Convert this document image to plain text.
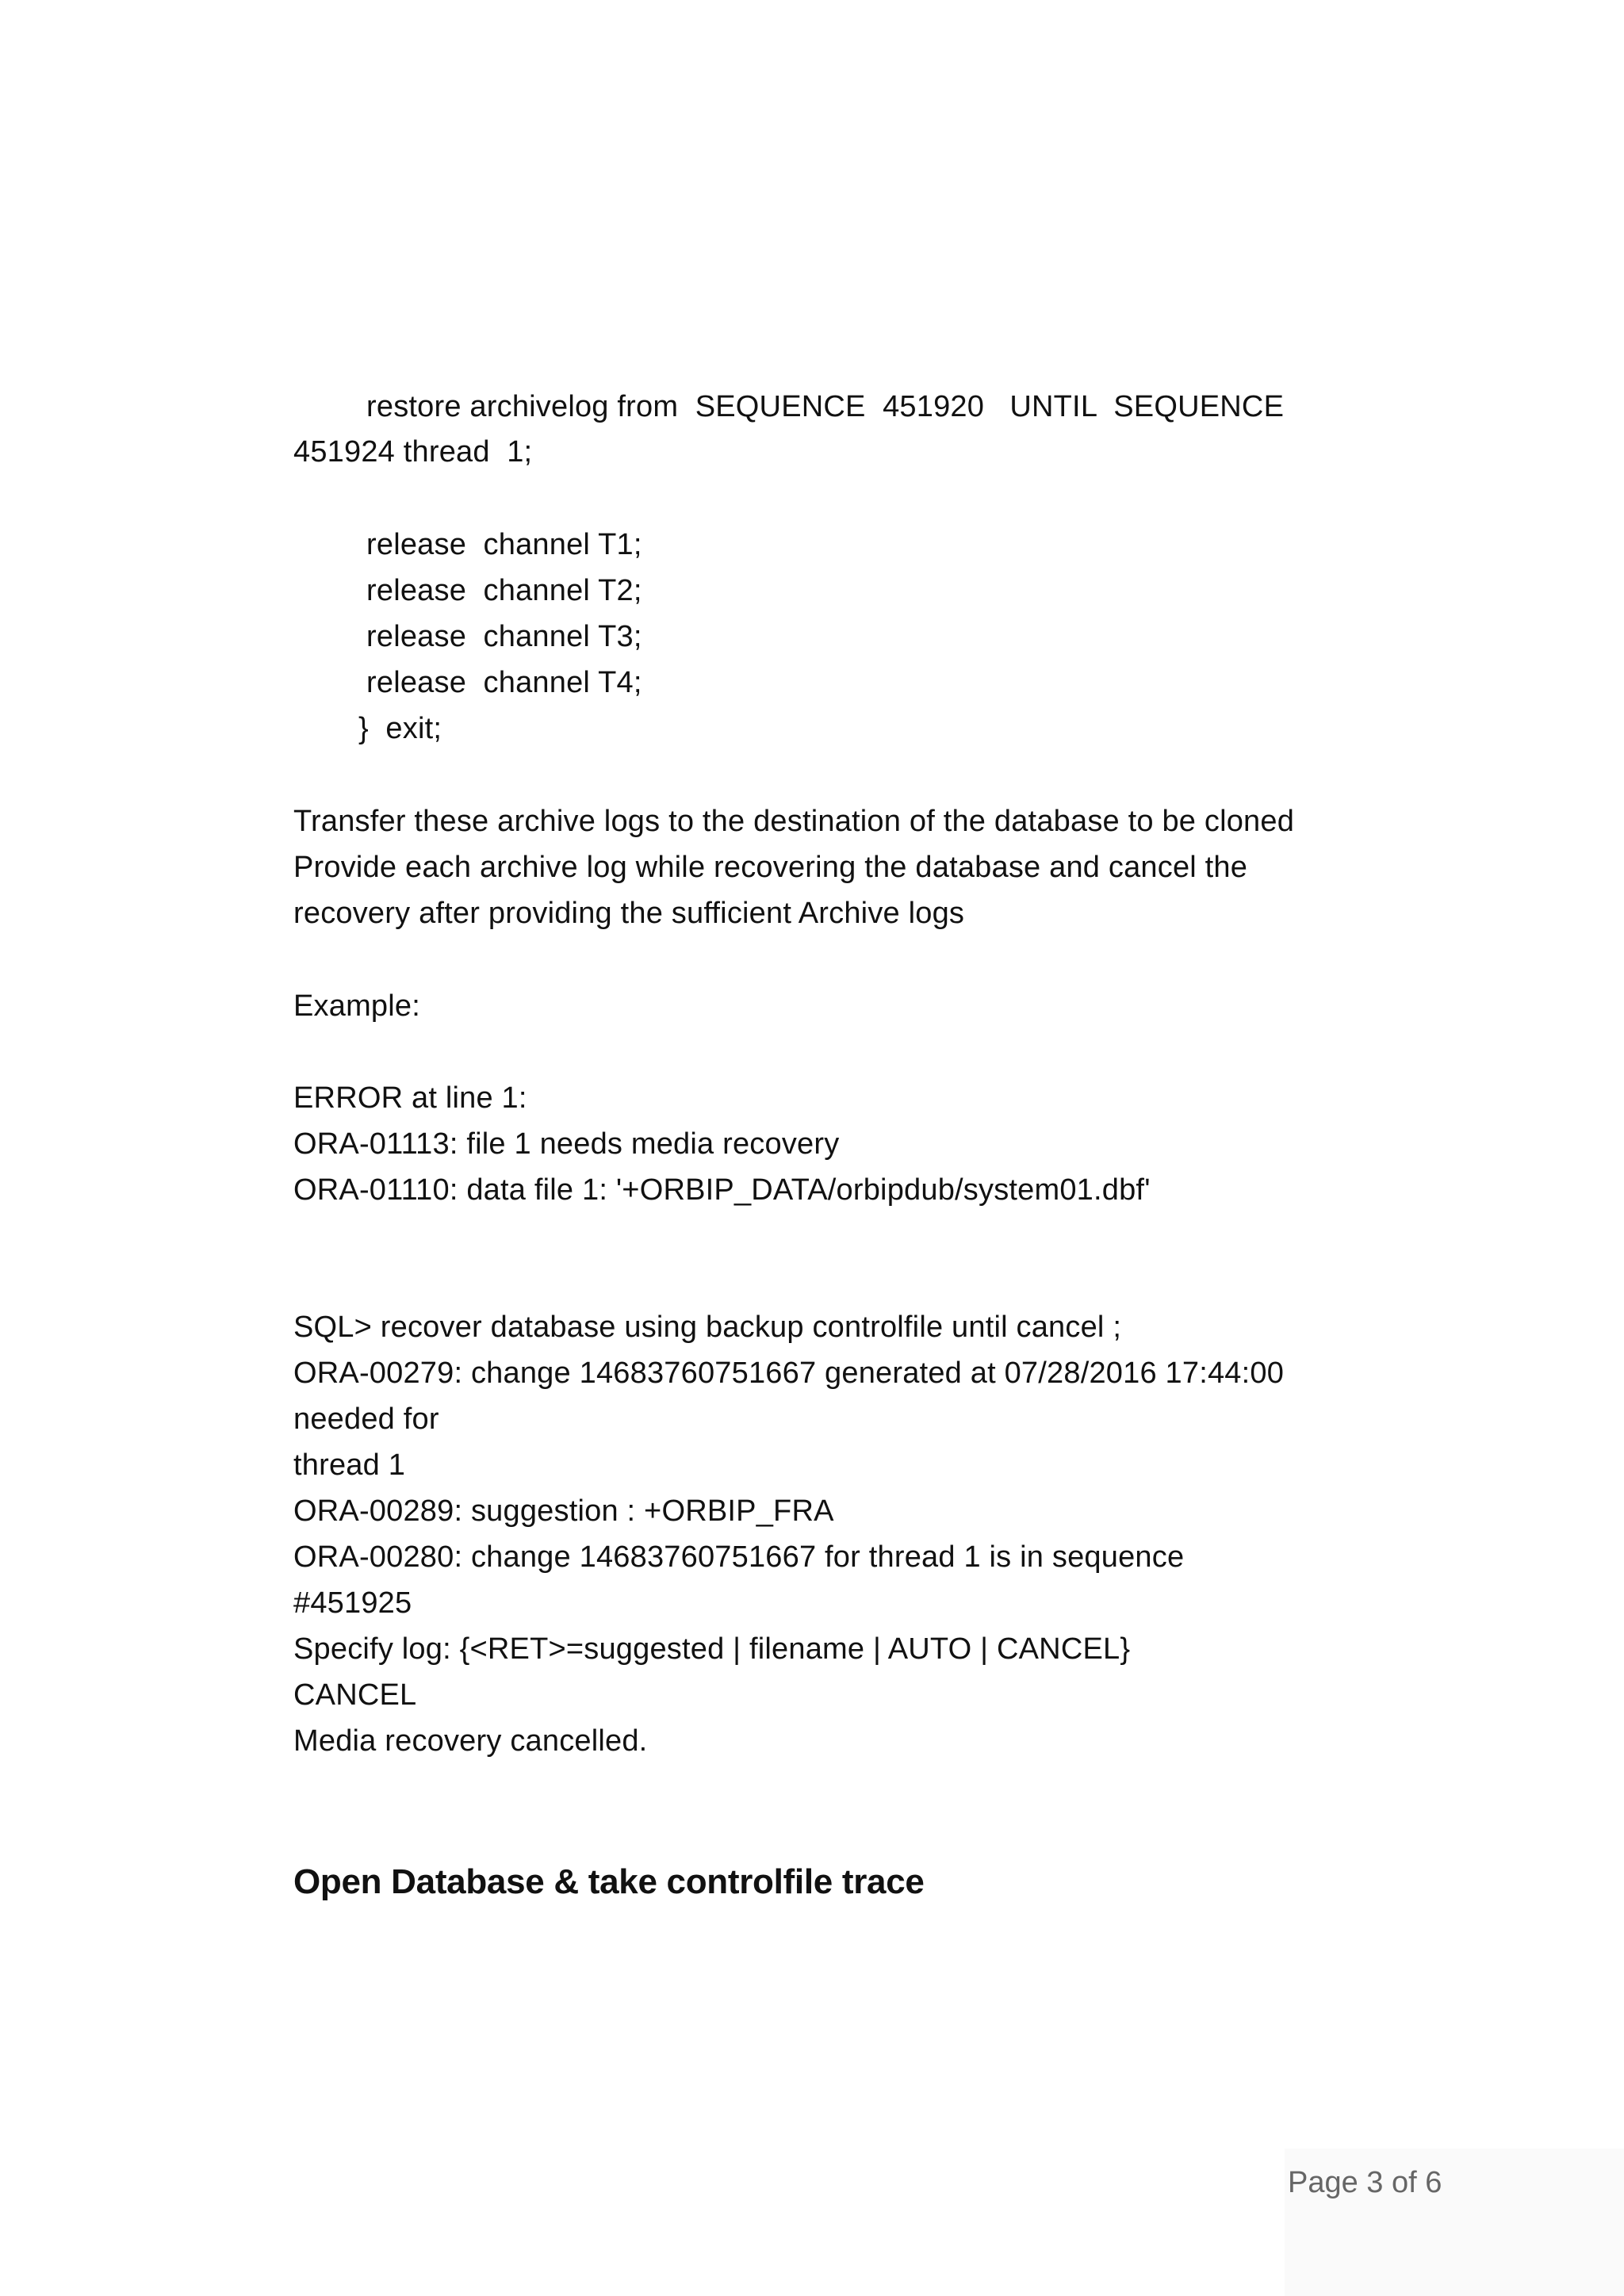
restore archivelog from  SEQUENCE  451920   UNTIL  SEQUENCE
451924 thread  1;
release  channel T1;
release  channel T2;
release  channel T3;
release  channel T4;
}  exit;
Transfer these archive logs to the destination of the database to be cloned
Provide each archive log while recovering the database and cancel the
recovery after providing the sufficient Archive logs
Example:
ERROR at line 1:
ORA-01113: file 1 needs media recovery
ORA-01110: data file 1: '+ORBIP_DATA/orbipdub/system01.dbf'
SQL> recover database using backup controlfile until cancel ;
ORA-00279: change 14683760751667 generated at 07/28/2016 17:44:00
needed for
thread 1
ORA-00289: suggestion : +ORBIP_FRA
ORA-00280: change 14683760751667 for thread 1 is in sequence
#451925
Specify log: {<RET>=suggested | filename | AUTO | CANCEL}
CANCEL
Media recovery cancelled.
Open Database & take controlfile trace
Page 3 of 6
